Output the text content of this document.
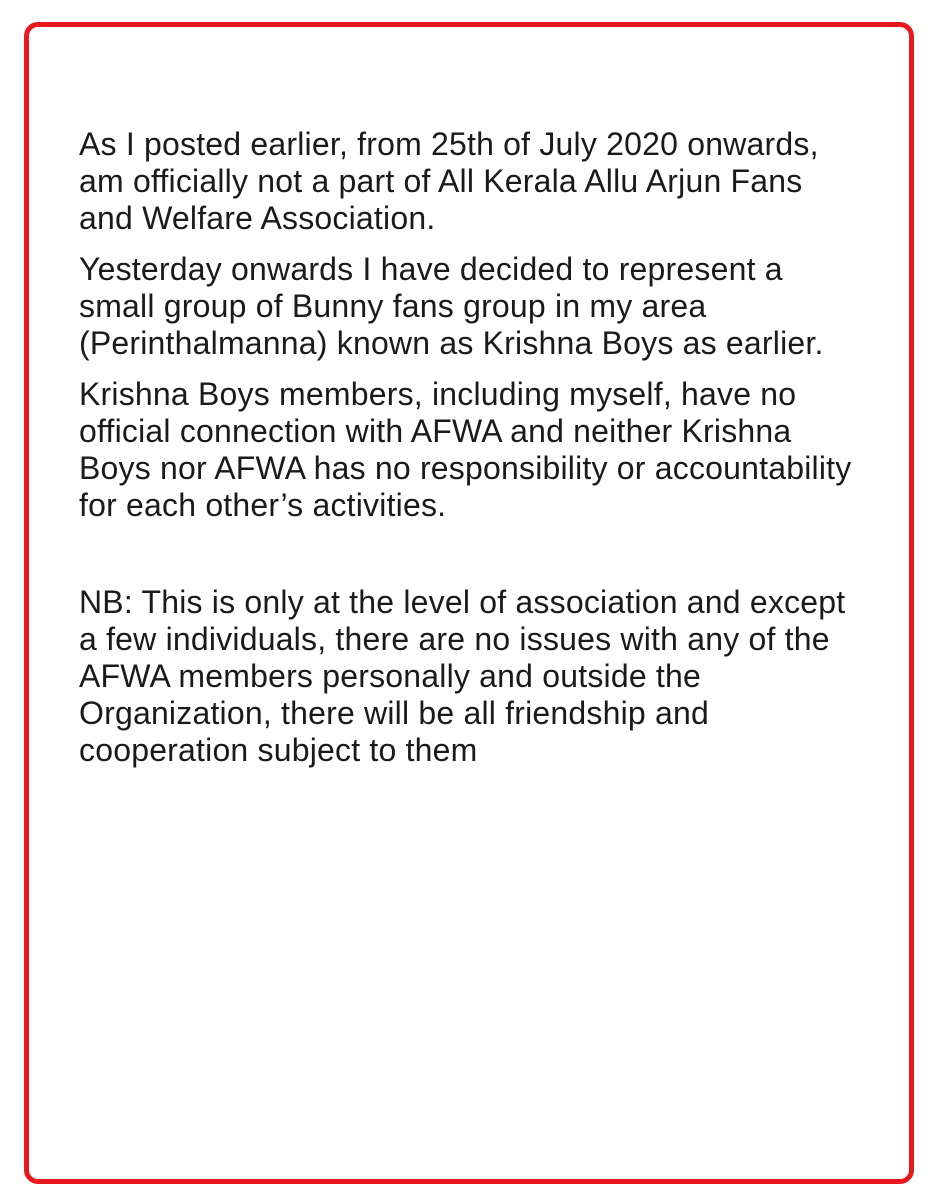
As I posted earlier, from 25th of July 2020 onwards, am officially not a part of All Kerala Allu Arjun Fans and Welfare Association.

Yesterday onwards I have decided to represent a small group of Bunny fans group in my area (Perinthalmanna) known as Krishna Boys as earlier.

Krishna Boys members, including myself, have no official connection with AFWA and neither Krishna Boys nor AFWA has no responsibility or accountability for each other’s activities.

NB: This is only at the level of association and except a few individuals, there are no issues with any of the AFWA members personally and outside the Organization, there will be all friendship and cooperation subject to them
